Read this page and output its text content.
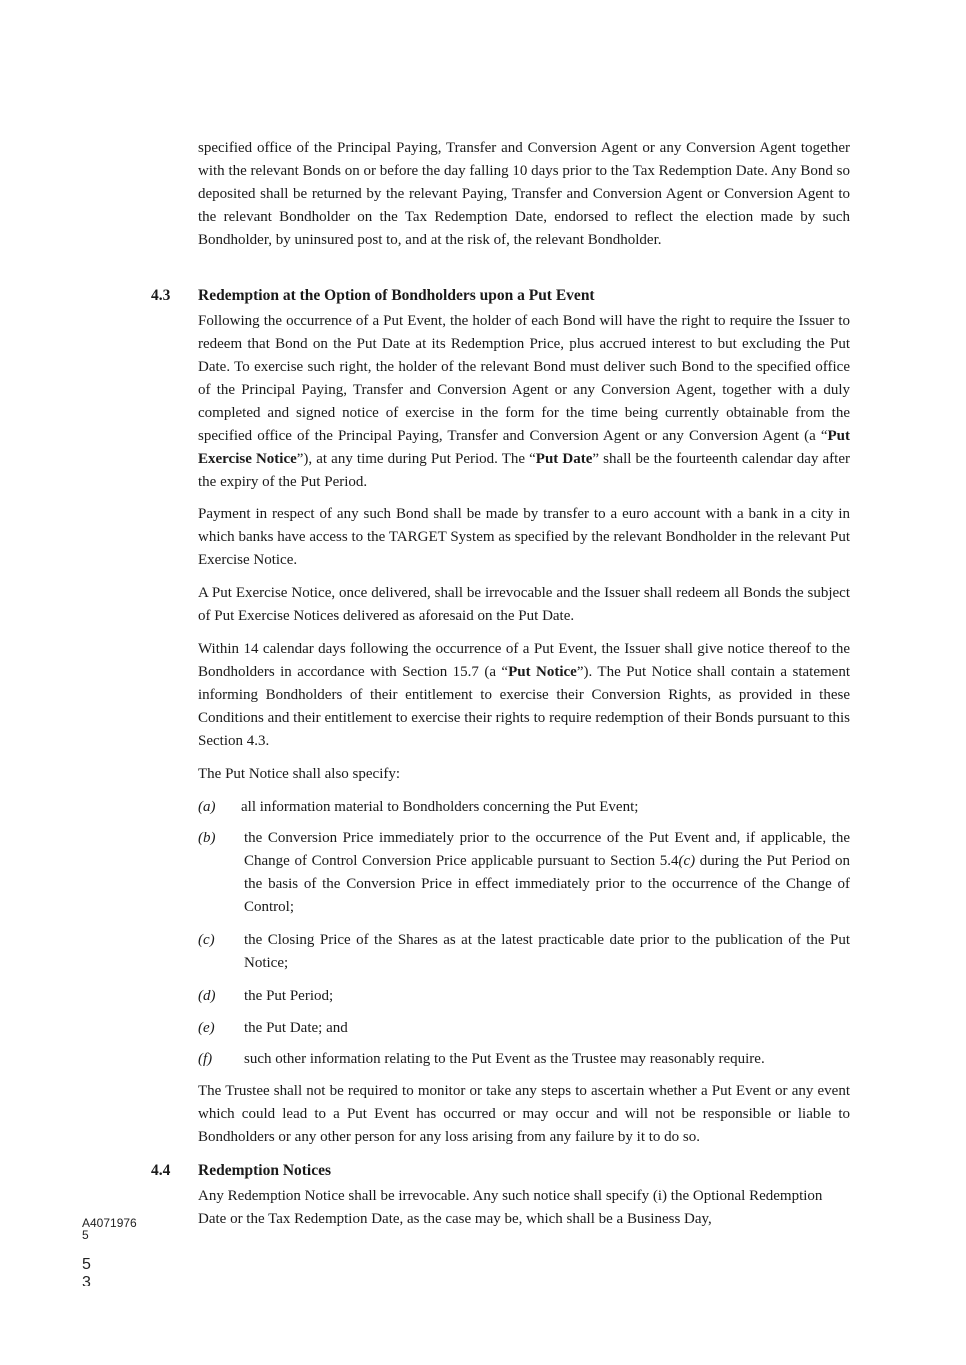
specified office of the Principal Paying, Transfer and Conversion Agent or any Conversion Agent together with the relevant Bonds on or before the day falling 10 days prior to the Tax Redemption Date. Any Bond so deposited shall be returned by the relevant Paying, Transfer and Conversion Agent or Conversion Agent to the relevant Bondholder on the Tax Redemption Date, endorsed to reflect the election made by such Bondholder, by uninsured post to, and at the risk of, the relevant Bondholder.

4.3 Redemption at the Option of Bondholders upon a Put Event

Following the occurrence of a Put Event, the holder of each Bond will have the right to require the Issuer to redeem that Bond on the Put Date at its Redemption Price, plus accrued interest to but excluding the Put Date. To exercise such right, the holder of the relevant Bond must deliver such Bond to the specified office of the Principal Paying, Transfer and Conversion Agent or any Conversion Agent, together with a duly completed and signed notice of exercise in the form for the time being currently obtainable from the specified office of the Principal Paying, Transfer and Conversion Agent or any Conversion Agent (a “Put Exercise Notice”), at any time during Put Period. The “Put Date” shall be the fourteenth calendar day after the expiry of the Put Period.

Payment in respect of any such Bond shall be made by transfer to a euro account with a bank in a city in which banks have access to the TARGET System as specified by the relevant Bondholder in the relevant Put Exercise Notice.

A Put Exercise Notice, once delivered, shall be irrevocable and the Issuer shall redeem all Bonds the subject of Put Exercise Notices delivered as aforesaid on the Put Date.

Within 14 calendar days following the occurrence of a Put Event, the Issuer shall give notice thereof to the Bondholders in accordance with Section 15.7 (a “Put Notice”). The Put Notice shall contain a statement informing Bondholders of their entitlement to exercise their Conversion Rights, as provided in these Conditions and their entitlement to exercise their rights to require redemption of their Bonds pursuant to this Section 4.3.

The Put Notice shall also specify:

(a) all information material to Bondholders concerning the Put Event;

(b) the Conversion Price immediately prior to the occurrence of the Put Event and, if applicable, the Change of Control Conversion Price applicable pursuant to Section 5.4(c) during the Put Period on the basis of the Conversion Price in effect immediately prior to the occurrence of the Change of Control;

(c) the Closing Price of the Shares as at the latest practicable date prior to the publication of the Put Notice;

(d) the Put Period;

(e) the Put Date; and

(f) such other information relating to the Put Event as the Trustee may reasonably require.

The Trustee shall not be required to monitor or take any steps to ascertain whether a Put Event or any event which could lead to a Put Event has occurred or may occur and will not be responsible or liable to Bondholders or any other person for any loss arising from any failure by it to do so.

4.4 Redemption Notices

Any Redemption Notice shall be irrevocable. Any such notice shall specify (i) the Optional Redemption Date or the Tax Redemption Date, as the case may be, which shall be a Business Day,

A4071976
5
5
3
